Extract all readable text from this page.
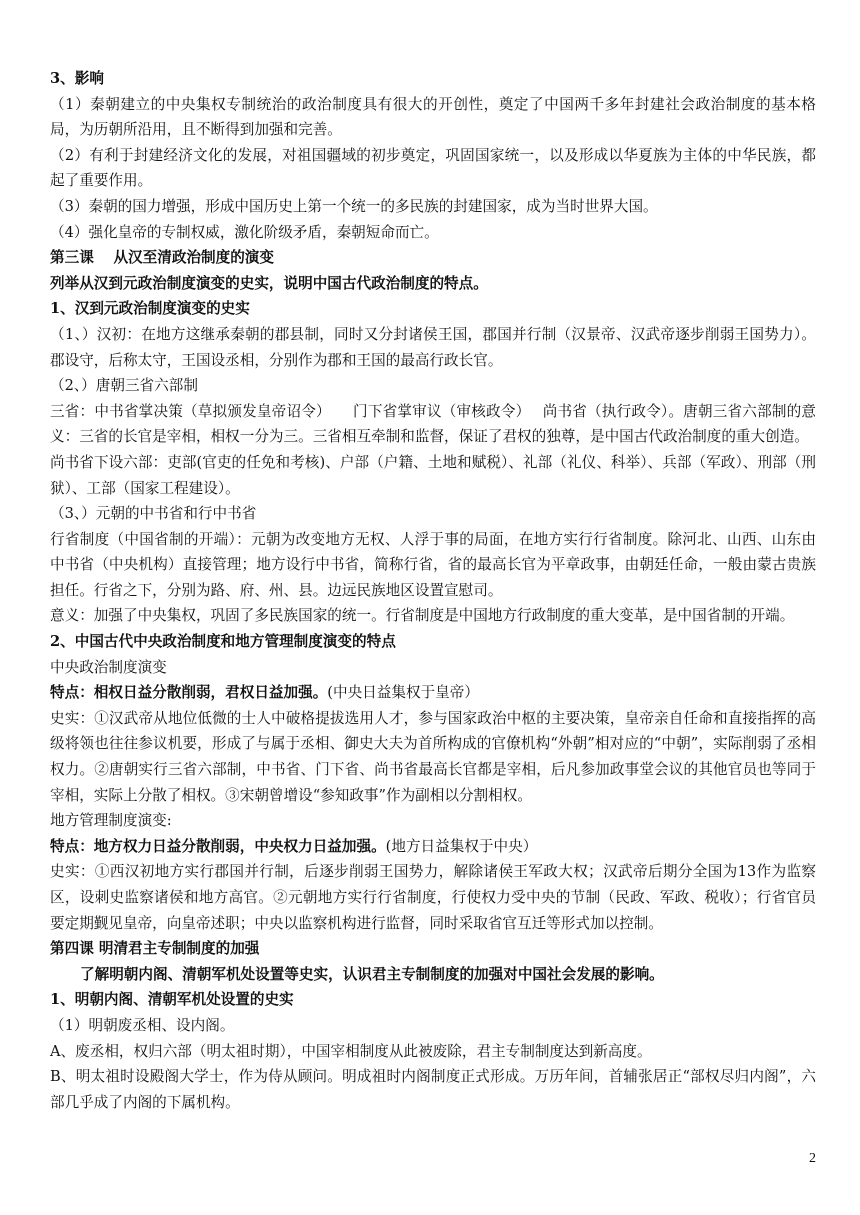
3、影响
（1）秦朝建立的中央集权专制统治的政治制度具有很大的开创性，奠定了中国两千多年封建社会政治制度的基本格局，为历朝所沿用，且不断得到加强和完善。
（2）有利于封建经济文化的发展，对祖国疆域的初步奠定，巩固国家统一，以及形成以华夏族为主体的中华民族，都起了重要作用。
（3）秦朝的国力增强，形成中国历史上第一个统一的多民族的封建国家，成为当时世界大国。
（4）强化皇帝的专制权威，激化阶级矛盾，秦朝短命而亡。
第三课　 从汉至清政治制度的演变
列举从汉到元政治制度演变的史实，说明中国古代政治制度的特点。
1、汉到元政治制度演变的史实
（1、）汉初：在地方这继承秦朝的郡县制，同时又分封诸侯王国，郡国并行制（汉景帝、汉武帝逐步削弱王国势力）。郡设守，后称太守，王国设丞相，分别作为郡和王国的最高行政长官。
（2、）唐朝三省六部制
三省：中书省掌决策（草拟颁发皇帝诏令）　　门下省掌审议（审核政令）　 尚书省（执行政令）。唐朝三省六部制的意义：三省的长官是宰相，相权一分为三。三省相互牵制和监督，保证了君权的独尊，是中国古代政治制度的重大创造。
尚书省下设六部：吏部(官吏的任免和考核)、户部（户籍、土地和赋税）、礼部（礼仪、科举）、兵部（军政）、刑部（刑狱）、工部（国家工程建设）。
（3、）元朝的中书省和行中书省
行省制度（中国省制的开端）：元朝为改变地方无权、人浮于事的局面，在地方实行行省制度。除河北、山西、山东由中书省（中央机构）直接管理；地方设行中书省，简称行省，省的最高长官为平章政事，由朝廷任命，一般由蒙古贵族担任。行省之下，分别为路、府、州、县。边远民族地区设置宣慰司。
意义：加强了中央集权，巩固了多民族国家的统一。行省制度是中国地方行政制度的重大变革，是中国省制的开端。
2、中国古代中央政治制度和地方管理制度演变的特点
中央政治制度演变
特点：相权日益分散削弱，君权日益加强。(中央日益集权于皇帝）
史实：①汉武帝从地位低微的士人中破格提拔选用人才，参与国家政治中枢的主要决策，皇帝亲自任命和直接指挥的高级将领也往往参议机要，形成了与属于丞相、御史大夫为首所构成的官僚机构“外朝”相对应的“中朝”，实际削弱了丞相权力。②唐朝实行三省六部制，中书省、门下省、尚书省最高长官都是宰相，后凡参加政事堂会议的其他官员也等同于宰相，实际上分散了相权。③宋朝曾增设“参知政事”作为副相以分割相权。
地方管理制度演变:
特点：地方权力日益分散削弱，中央权力日益加强。(地方日益集权于中央）
史实：①西汉初地方实行郡国并行制，后逐步削弱王国势力，解除诸侯王军政大权；汉武帝后期分全国为13作为监察区，设刺史监察诸侯和地方高官。②元朝地方实行行省制度，行使权力受中央的节制（民政、军政、税收）；行省官员要定期觐见皇帝，向皇帝述职；中央以监察机构进行监督，同时采取省官互迁等形式加以控制。
第四课 明清君主专制制度的加强
了解明朝内阁、清朝军机处设置等史实，认识君主专制制度的加强对中国社会发展的影响。
1、明朝内阁、清朝军机处设置的史实
（1）明朝废丞相、设内阁。
A、废丞相，权归六部（明太祖时期），中国宰相制度从此被废除，君主专制制度达到新高度。
B、明太祖时设殿阁大学士，作为侍从顾问。明成祖时内阁制度正式形成。万历年间，首辅张居正“部权尽归内阁”，六部几乎成了内阁的下属机构。
2
